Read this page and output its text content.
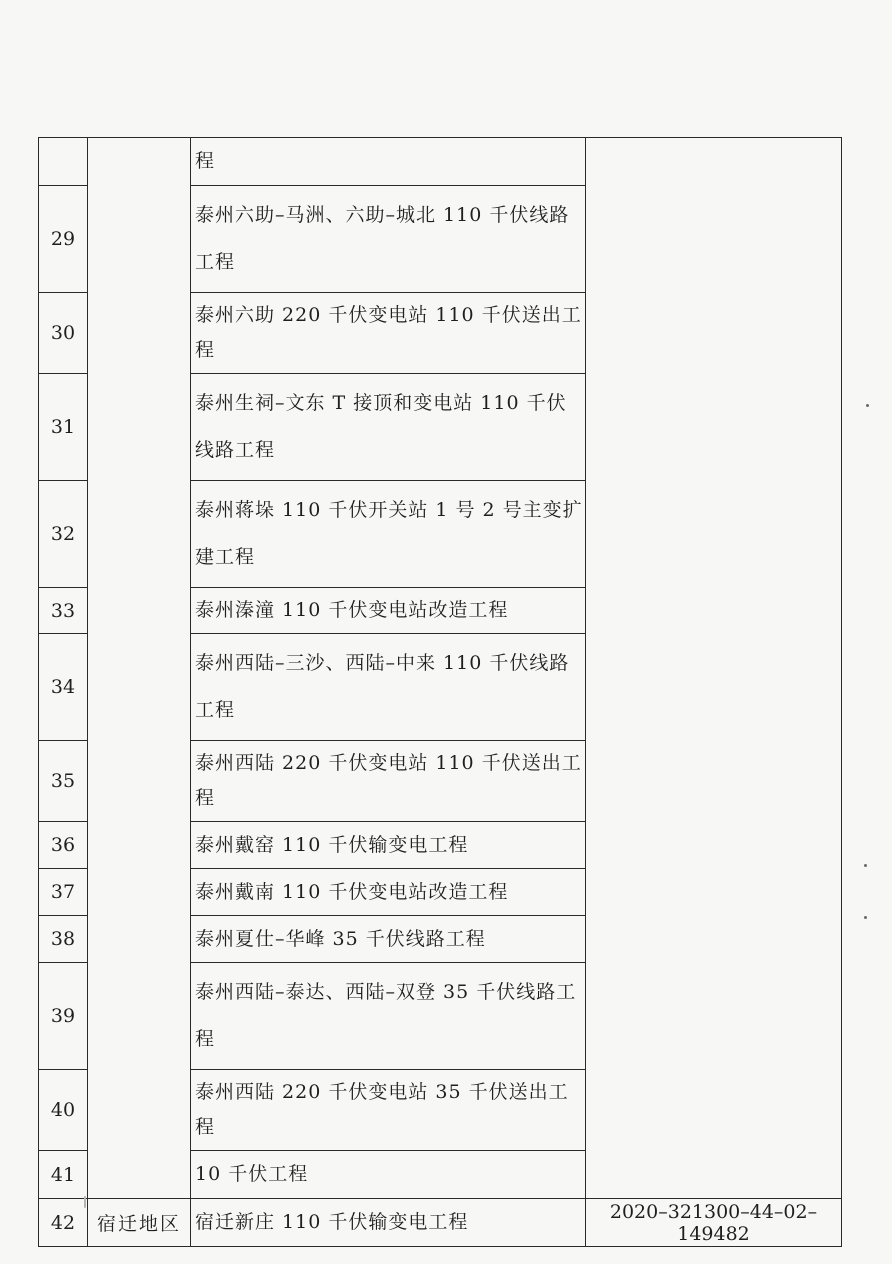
		程	

29		泰州六助–马洲、六助–城北 110 千伏线路工程	

30		泰州六助 220 千伏变电站 110 千伏送出工程	

31		泰州生祠–文东 T 接顶和变电站 110 千伏线路工程	

32		泰州蒋垛 110 千伏开关站 1 号 2 号主变扩建工程	

33		泰州溱潼 110 千伏变电站改造工程	

34		泰州西陆–三沙、西陆–中来 110 千伏线路工程	

35		泰州西陆 220 千伏变电站 110 千伏送出工程	

36		泰州戴窑 110 千伏输变电工程	

37		泰州戴南 110 千伏变电站改造工程	

38		泰州夏仕–华峰 35 千伏线路工程	

39		泰州西陆–泰达、西陆–双登 35 千伏线路工程	

40		泰州西陆 220 千伏变电站 35 千伏送出工程	

41		10 千伏工程	

42	宿迁地区	宿迁新庄 110 千伏输变电工程	2020–321300–44–02–149482
